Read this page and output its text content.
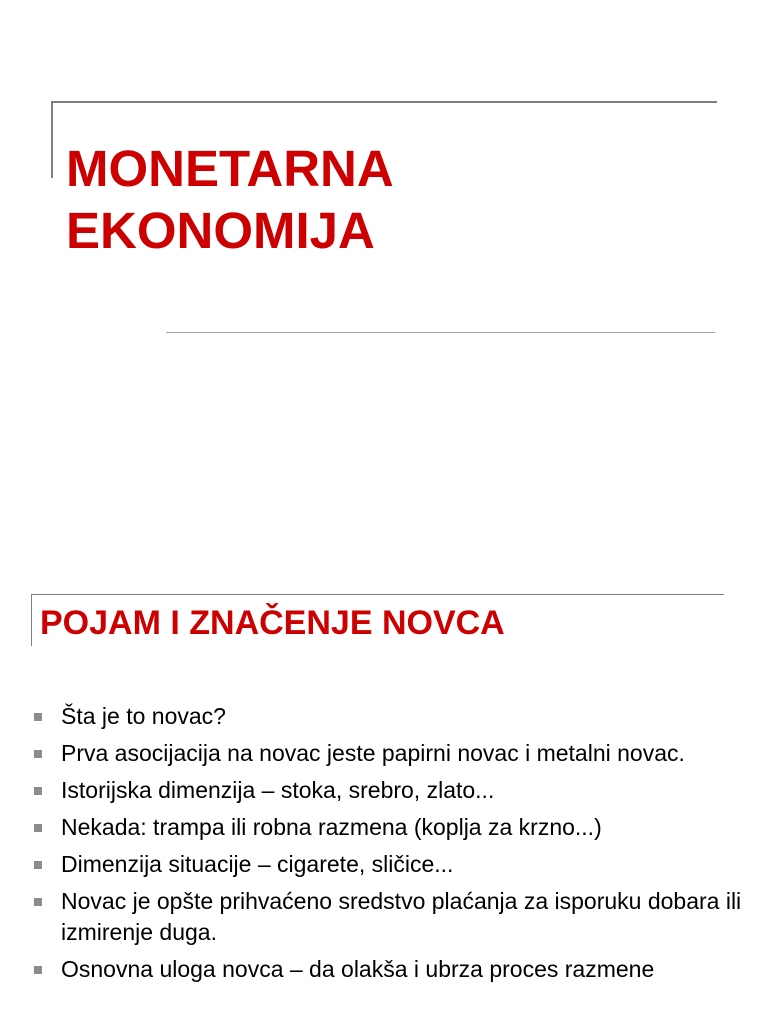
MONETARNA
EKONOMIJA
POJAM I ZNAČENJE NOVCA
Šta je to novac?
Prva asocijacija na novac jeste papirni novac i metalni novac.
Istorijska dimenzija – stoka, srebro, zlato...
Nekada: trampa ili robna razmena (koplja za krzno...)
Dimenzija situacije – cigarete, sličice...
Novac je opšte prihvaćeno sredstvo plaćanja za isporuku dobara ili izmirenje duga.
Osnovna uloga novca – da olakša i ubrza proces razmene
